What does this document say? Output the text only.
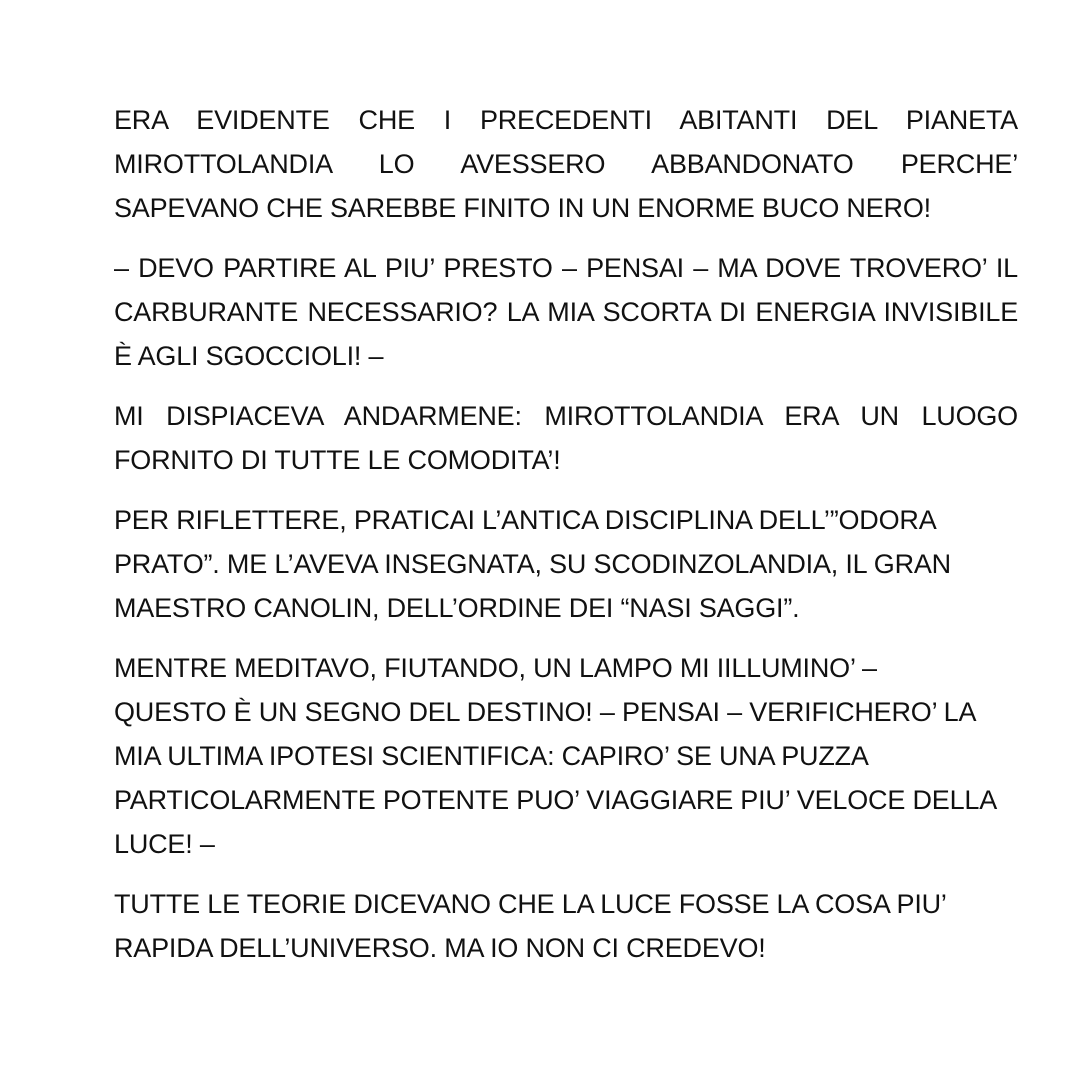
ERA EVIDENTE CHE I PRECEDENTI ABITANTI DEL PIANETA
MIROTTOLANDIA LO AVESSERO ABBANDONATO PERCHE’
SAPEVANO CHE SAREBBE FINITO IN UN ENORME BUCO NERO!
– DEVO PARTIRE AL PIU’ PRESTO – PENSAI – MA DOVE TROVERO’ IL
CARBURANTE NECESSARIO? LA MIA SCORTA DI ENERGIA INVISIBILE
È AGLI SGOCCIOLI! –
MI DISPIACEVA ANDARMENE: MIROTTOLANDIA ERA UN LUOGO
FORNITO DI TUTTE LE COMODITA’!
PER RIFLETTERE, PRATICAI L’ANTICA DISCIPLINA DELL’”ODORA
PRATO”. ME L’AVEVA INSEGNATA, SU SCODINZOLANDIA, IL GRAN
MAESTRO CANOLIN, DELL’ORDINE DEI “NASI SAGGI”.
MENTRE MEDITAVO, FIUTANDO, UN LAMPO MI IILLUMINO’ –
QUESTO È UN SEGNO DEL DESTINO! – PENSAI – VERIFICHERO’ LA
MIA ULTIMA IPOTESI SCIENTIFICA: CAPIRO’ SE UNA PUZZA
PARTICOLARMENTE POTENTE PUO’ VIAGGIARE PIU’ VELOCE DELLA
LUCE! –
TUTTE LE TEORIE DICEVANO CHE LA LUCE FOSSE LA COSA PIU’
RAPIDA DELL’UNIVERSO. MA IO NON CI CREDEVO!
